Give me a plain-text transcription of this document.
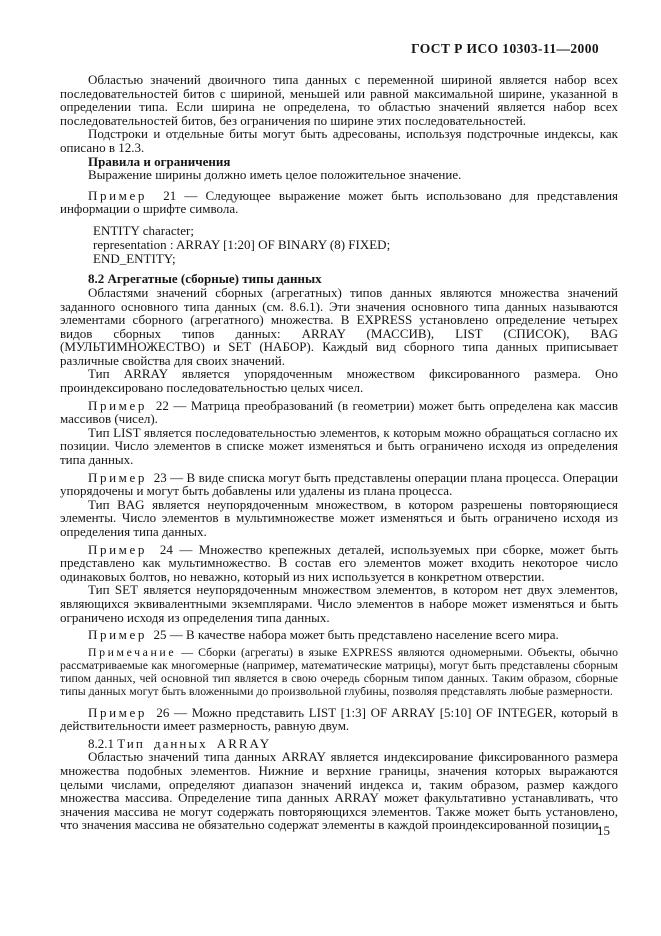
ГОСТ Р ИСО 10303-11—2000

Областью значений двоичного типа данных с переменной шириной является набор всех последовательностей битов с шириной, меньшей или равной максимальной ширине, указанной в определении типа. Если ширина не определена, то областью значений является набор всех последовательностей битов, без ограничения по ширине этих последовательностей.

Подстроки и отдельные биты могут быть адресованы, используя подстрочные индексы, как описано в 12.3.

Правила и ограничения

Выражение ширины должно иметь целое положительное значение.

Пример 21 — Следующее выражение может быть использовано для представления информации о шрифте символа.

ENTITY character;
representation : ARRAY [1:20] OF BINARY (8) FIXED;
END_ENTITY;

8.2 Агрегатные (сборные) типы данных

Областями значений сборных (агрегатных) типов данных являются множества значений заданного основного типа данных (см. 8.6.1). Эти значения основного типа данных называются элементами сборного (агрегатного) множества. В EXPRESS установлено определение четырех видов сборных типов данных: ARRAY (МАССИВ), LIST (СПИСОК), BAG (МУЛЬТИМНОЖЕСТВО) и SET (НАБОР). Каждый вид сборного типа данных приписывает различные свойства для своих значений.

Тип ARRAY является упорядоченным множеством фиксированного размера. Оно проиндексировано последовательностью целых чисел.

Пример 22 — Матрица преобразований (в геометрии) может быть определена как массив массивов (чисел).

Тип LIST является последовательностью элементов, к которым можно обращаться согласно их позиции. Число элементов в списке может изменяться и быть ограничено исходя из определения типа данных.

Пример 23 — В виде списка могут быть представлены операции плана процесса. Операции упорядочены и могут быть добавлены или удалены из плана процесса.

Тип BAG является неупорядоченным множеством, в котором разрешены повторяющиеся элементы. Число элементов в мультимножестве может изменяться и быть ограничено исходя из определения типа данных.

Пример 24 — Множество крепежных деталей, используемых при сборке, может быть представлено как мультимножество. В состав его элементов может входить некоторое число одинаковых болтов, но неважно, который из них используется в конкретном отверстии.

Тип SET является неупорядоченным множеством элементов, в котором нет двух элементов, являющихся эквивалентными экземплярами. Число элементов в наборе может изменяться и быть ограничено исходя из определения типа данных.

Пример 25 — В качестве набора может быть представлено население всего мира.

Примечание — Сборки (агрегаты) в языке EXPRESS являются одномерными. Объекты, обычно рассматриваемые как многомерные (например, математические матрицы), могут быть представлены сборным типом данных, чей основной тип является в свою очередь сборным типом данных. Таким образом, сборные типы данных могут быть вложенными до произвольной глубины, позволяя представлять любые размерности.

Пример 26 — Можно представить LIST [1:3] OF ARRAY [5:10] OF INTEGER, который в действительности имеет размерность, равную двум.

8.2.1 Тип данных ARRAY

Областью значений типа данных ARRAY является индексирование фиксированного размера множества подобных элементов. Нижние и верхние границы, значения которых выражаются целыми числами, определяют диапазон значений индекса и, таким образом, размер каждого множества массива. Определение типа данных ARRAY может факультативно устанавливать, что значения массива не могут содержать повторяющихся элементов. Также может быть установлено, что значения массива не обязательно содержат элементы в каждой проиндексированной позиции.

15
